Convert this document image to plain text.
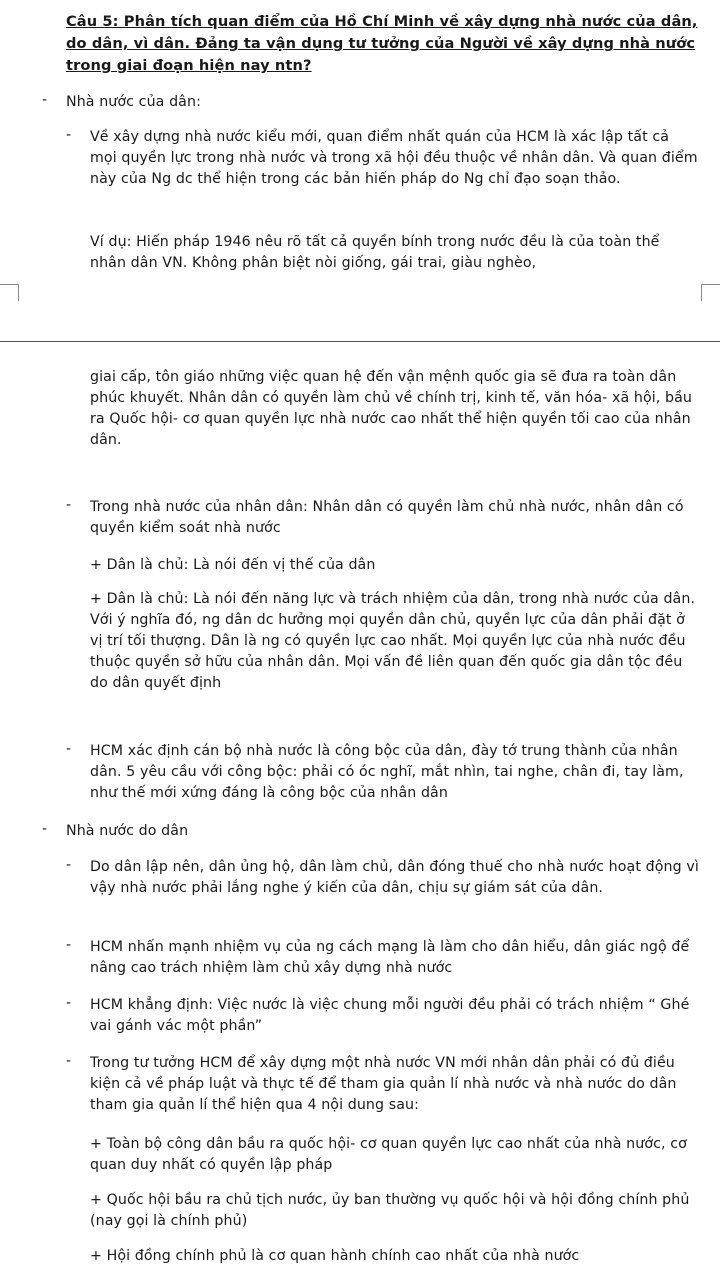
Câu 5: Phân tích quan điểm của Hồ Chí Minh về xây dựng nhà nước của dân, do dân, vì dân. Đảng ta vận dụng tư tưởng của Người về xây dựng nhà nước trong giai đoạn hiện nay ntn?
- Nhà nước của dân:
- Về xây dựng nhà nước kiểu mới, quan điểm nhất quán của HCM là xác lập tất cả mọi quyền lực trong nhà nước và trong xã hội đều thuộc về nhân dân. Và quan điểm này của Ng dc thể hiện trong các bản hiến pháp do Ng chỉ đạo soạn thảo.
Ví dụ: Hiến pháp 1946 nêu rõ tất cả quyền bính trong nước đều là của toàn thể nhân dân VN. Không phân biệt nòi giống, gái trai, giàu nghèo,
giai cấp, tôn giáo những việc quan hệ đến vận mệnh quốc gia sẽ đưa ra toàn dân phúc khuyết. Nhân dân có quyền làm chủ về chính trị, kinh tế, văn hóa- xã hội, bầu ra Quốc hội- cơ quan quyền lực nhà nước cao nhất thể hiện quyền tối cao của nhân dân.
- Trong nhà nước của nhân dân: Nhân dân có quyền làm chủ nhà nước, nhân dân có quyền kiểm soát nhà nước
+ Dân là chủ: Là nói đến vị thế của dân
+ Dân là chủ: Là nói đến năng lực và trách nhiệm của dân, trong nhà nước của dân. Với ý nghĩa đó, ng dân dc hưởng mọi quyền dân chủ, quyền lực của dân phải đặt ở vị trí tối thượng. Dân là ng có quyền lực cao nhất. Mọi quyền lực của nhà nước đều thuộc quyền sở hữu của nhân dân. Mọi vấn đề liên quan đến quốc gia dân tộc đều do dân quyết định
- HCM xác định cán bộ nhà nước là công bộc của dân, đày tớ trung thành của nhân dân. 5 yêu cầu với công bộc: phải có óc nghĩ, mắt nhìn, tai nghe, chân đi, tay làm, như thế mới xứng đáng là công bộc của nhân dân
- Nhà nước do dân
- Do dân lập nên, dân ủng hộ, dân làm chủ, dân đóng thuế cho nhà nước hoạt động vì vậy nhà nước phải lắng nghe ý kiến của dân, chịu sự giám sát của dân.
- HCM nhấn mạnh nhiệm vụ của ng cách mạng là làm cho dân hiểu, dân giác ngộ để nâng cao trách nhiệm làm chủ xây dựng nhà nước
- HCM khẳng định: Việc nước là việc chung mỗi người đều phải có trách nhiệm “ Ghé vai gánh vác một phần”
- Trong tư tưởng HCM để xây dựng một nhà nước VN mới nhân dân phải có đủ điều kiện cả về pháp luật và thực tế để tham gia quản lí nhà nước và nhà nước do dân tham gia quản lí thể hiện qua 4 nội dung sau:
+ Toàn bộ công dân bầu ra quốc hội- cơ quan quyền lực cao nhất của nhà nước, cơ quan duy nhất có quyền lập pháp
+ Quốc hội bầu ra chủ tịch nước, ủy ban thường vụ quốc hội và hội đồng chính phủ (nay gọi là chính phủ)
+ Hội đồng chính phủ là cơ quan hành chính cao nhất của nhà nước
